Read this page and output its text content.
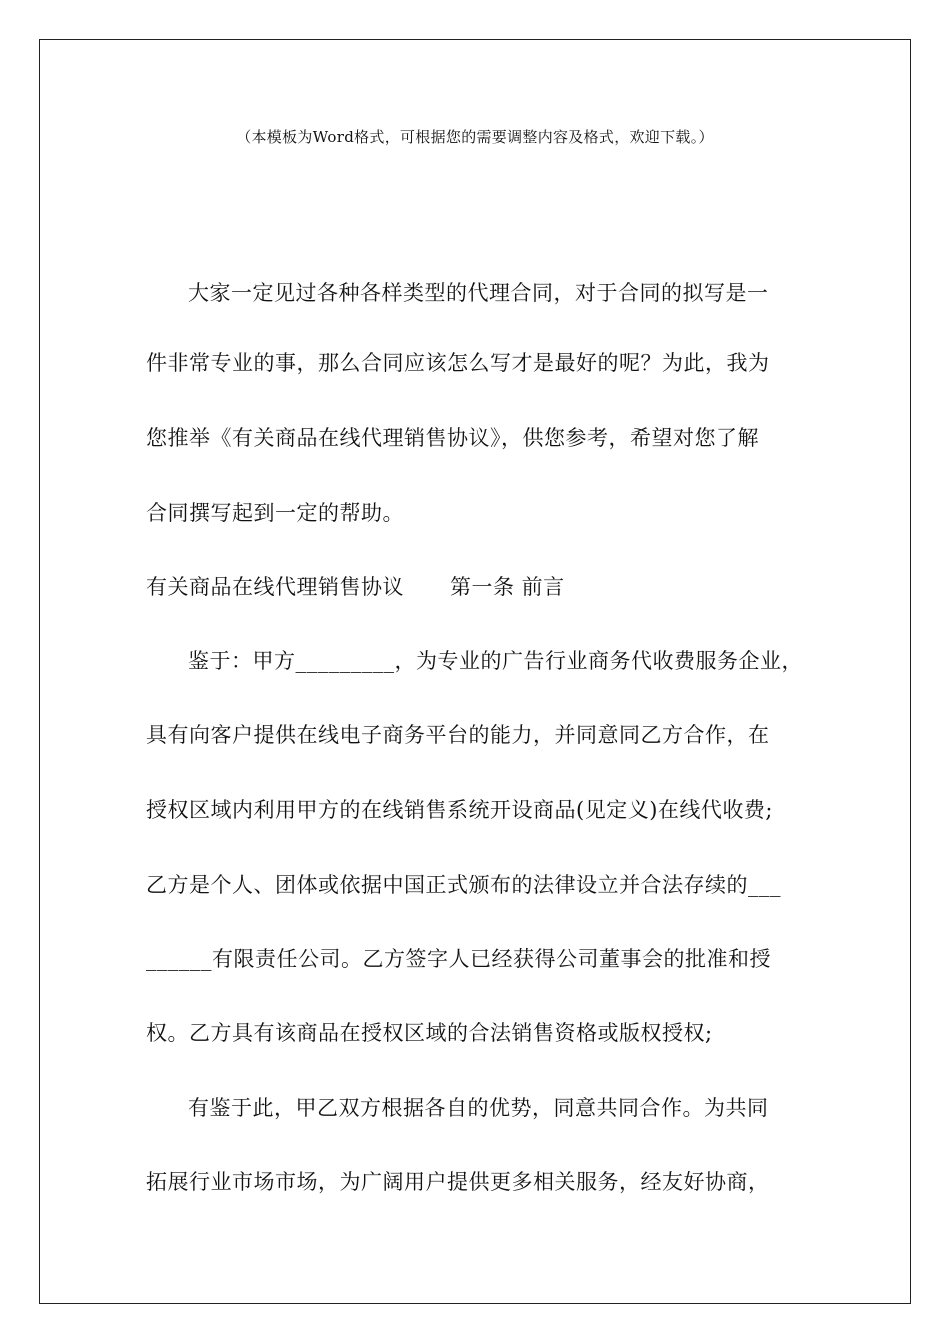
（本模板为Word格式，可根据您的需要调整内容及格式，欢迎下载。）
大家一定见过各种各样类型的代理合同，对于合同的拟写是一
件非常专业的事，那么合同应该怎么写才是最好的呢？为此，我为
您推举《有关商品在线代理销售协议》，供您参考，希望对您了解
合同撰写起到一定的帮助。
有关商品在线代理销售协议 第一条 前言
鉴于：甲方_________，为专业的广告行业商务代收费服务企业，
具有向客户提供在线电子商务平台的能力，并同意同乙方合作，在
授权区域内利用甲方的在线销售系统开设商品(见定义)在线代收费;
乙方是个人、团体或依据中国正式颁布的法律设立并合法存续的___
______有限责任公司。乙方签字人已经获得公司董事会的批准和授
权。乙方具有该商品在授权区域的合法销售资格或版权授权;
有鉴于此，甲乙双方根据各自的优势，同意共同合作。为共同
拓展行业市场市场，为广阔用户提供更多相关服务，经友好协商，
